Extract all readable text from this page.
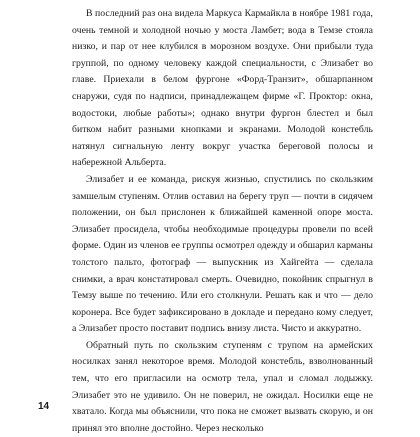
В последний раз она видела Маркуса Кармайкла в ноябре 1981 года, очень темной и холодной ночью у моста Ламбет; вода в Темзе стояла низко, и пар от нее клубился в морозном воздухе. Они прибыли туда группой, по одному человеку каждой специальности, с Элизабет во главе. Приехали в белом фургоне «Форд-Транзит», обшарпанном снаружи, судя по надписи, принадлежащем фирме «Г. Проктор: окна, водостоки, любые работы»; однако внутри фургон блестел и был битком набит разными кнопками и экранами. Молодой констебль натянул сигнальную ленту вокруг участка береговой полосы и набережной Альберта.

Элизабет и ее команда, рискуя жизнью, спустились по скользким замшелым ступеням. Отлив оставил на берегу труп — почти в сидячем положении, он был прислонен к ближайшей каменной опоре моста. Элизабет просидела, чтобы необходимые процедуры провели по всей форме. Один из членов ее группы осмотрел одежду и обшарил карманы толстого пальто, фотограф — выпускник из Хайгейта — сделала снимки, а врач констатировал смерть. Очевидно, покойник спрыгнул в Темзу выше по течению. Или его столкнули. Решать как и что — дело коронера. Все будет зафиксировано в докладе и передано кому следует, а Элизабет просто поставит подпись внизу листа. Чисто и аккуратно.

Обратный путь по скользким ступеням с трупом на армейских носилках занял некоторое время. Молодой констебль, взволнованный тем, что его пригласили на осмотр тела, упал и сломал лодыжку. Элизабет это не удивило. Он не поверил, не ожидал. Носилки еще не хватало. Когда мы объяснили, что пока не сможет вызвать скорую, и он принял это вполне достойно. Через несколько

14
